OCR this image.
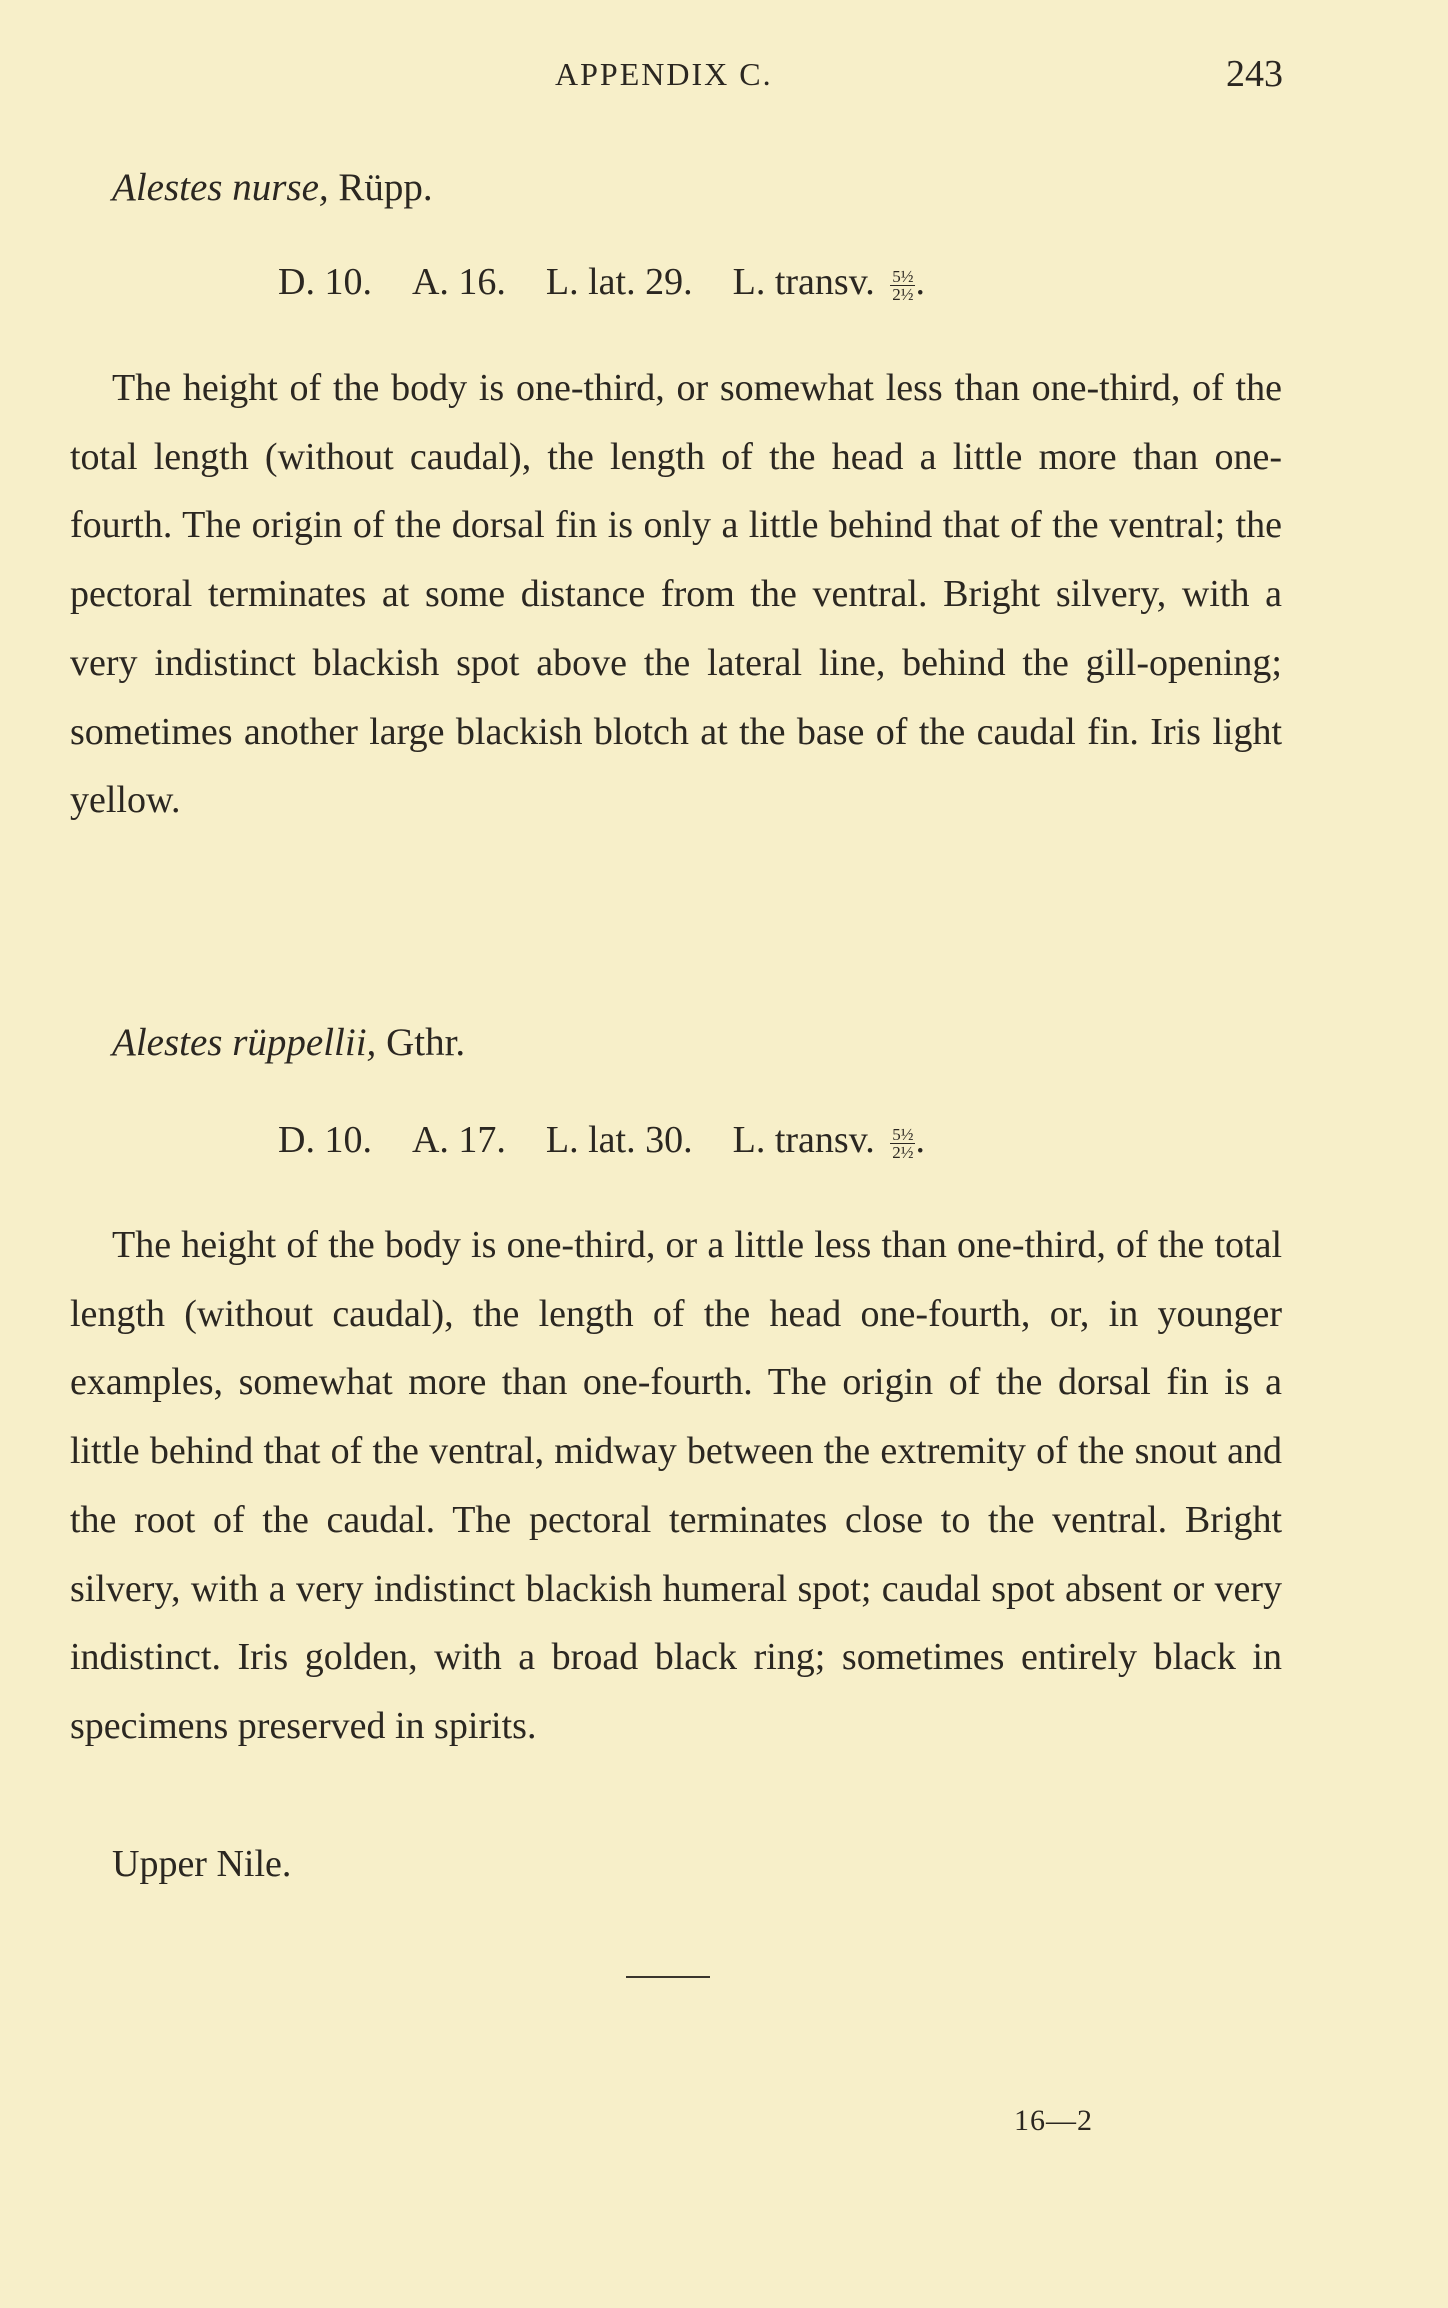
APPENDIX C.	243
Alestes nurse, Rüpp.
D. 10. A. 16. L. lat. 29. L. transv. $\frac{\text{5½}}{\text{2½}}$ .

The height of the body is one-third, or somewhat less than one-third, of the total length (without caudal), the length of the head a little more than one-fourth. The origin of the dorsal fin is only a little behind that of the ventral; the pectoral terminates at some distance from the ventral. Bright silvery, with a very indistinct blackish spot above the lateral line, behind the gill-opening; sometimes another large blackish blotch at the base of the caudal fin. Iris light yellow.

Alestes rüppellii, Gthr.
D. 10. A. 17. L. lat. 30. L. transv. $\frac{\text{5½}}{\text{2½}}$ .

The height of the body is one-third, or a little less than one-third, of the total length (without caudal), the length of the head one-fourth, or, in younger examples, somewhat more than one-fourth. The origin of the dorsal fin is a little behind that of the ventral, midway between the extremity of the snout and the root of the caudal. The pectoral terminates close to the ventral. Bright silvery, with a very indistinct blackish humeral spot; caudal spot absent or very indistinct. Iris golden, with a broad black ring; sometimes entirely black in specimens preserved in spirits.

Upper Nile.
16—2
